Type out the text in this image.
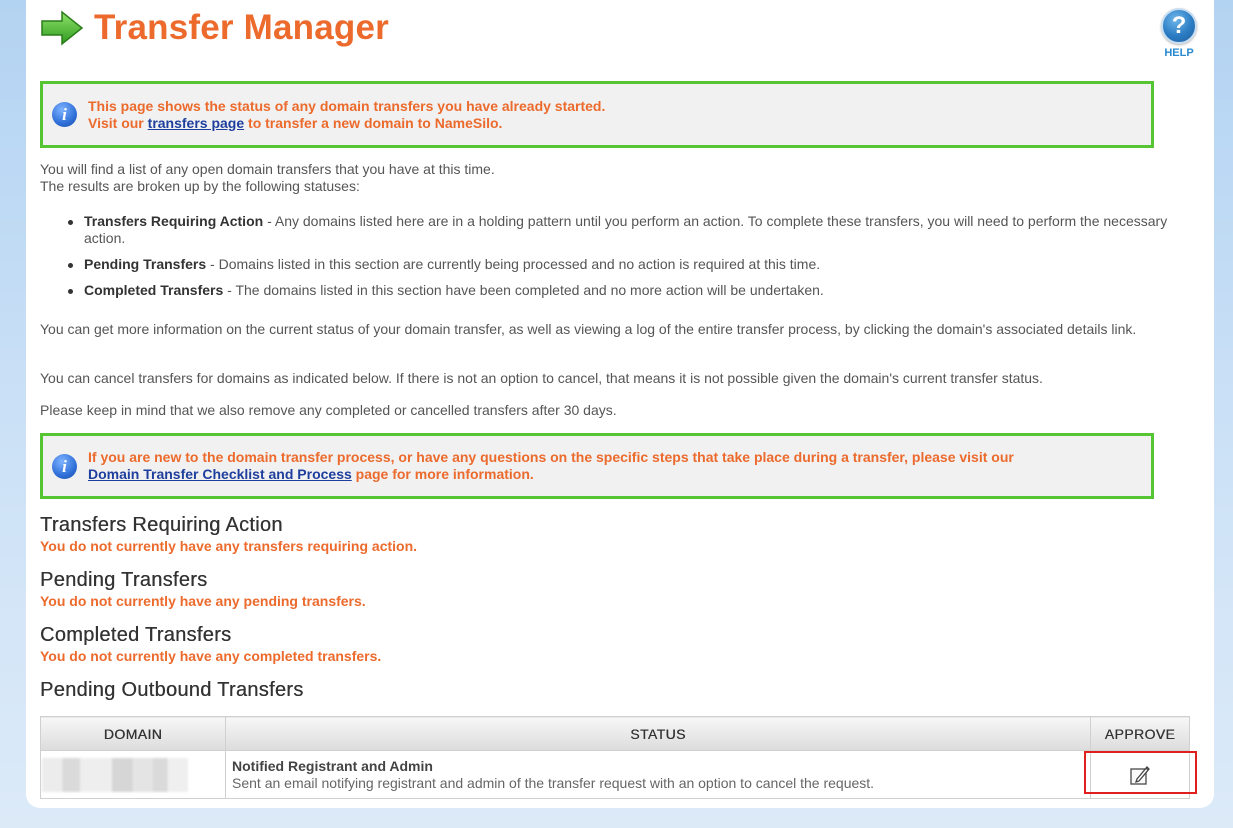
Transfer Manager	?
HELP
i	This page shows the status of any domain transfers you have already started.
Visit our transfers page to transfer a new domain to NameSilo.
You will find a list of any open domain transfers that you have at this time.
The results are broken up by the following statuses:
Transfers Requiring Action - Any domains listed here are in a holding pattern until you perform an action. To complete these transfers, you will need to perform the necessary action.
Pending Transfers - Domains listed in this section are currently being processed and no action is required at this time.
Completed Transfers - The domains listed in this section have been completed and no more action will be undertaken.
You can get more information on the current status of your domain transfer, as well as viewing a log of the entire transfer process, by clicking the domain's associated details link.
You can cancel transfers for domains as indicated below. If there is not an option to cancel, that means it is not possible given the domain's current transfer status.
Please keep in mind that we also remove any completed or cancelled transfers after 30 days.
i	If you are new to the domain transfer process, or have any questions on the specific steps that take place during a transfer, please visit our
Domain Transfer Checklist and Process page for more information.
Transfers Requiring Action
You do not currently have any transfers requiring action.
Pending Transfers
You do not currently have any pending transfers.
Completed Transfers
You do not currently have any completed transfers.
Pending Outbound Transfers
DOMAIN	STATUS	APPROVE

	Notified Registrant and Admin
Sent an email notifying registrant and admin of the transfer request with an option to cancel the request.
